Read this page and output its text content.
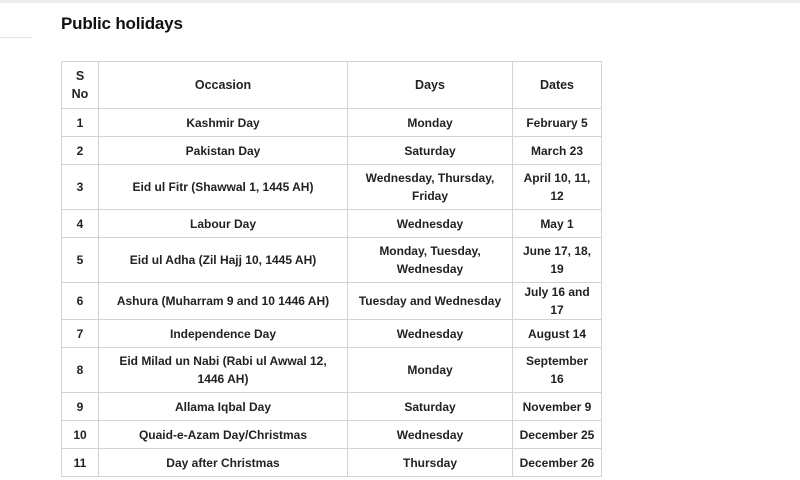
Public holidays
S No	Occasion	Days	Dates
1	Kashmir Day	Monday	February 5
2	Pakistan Day	Saturday	March 23
3	Eid ul Fitr (Shawwal 1, 1445 AH)	Wednesday, Thursday, Friday	April 10, 11, 12
4	Labour Day	Wednesday	May 1
5	Eid ul Adha (Zil Hajj 10, 1445 AH)	Monday, Tuesday, Wednesday	June 17, 18, 19
6	Ashura (Muharram 9 and 10 1446 AH)	Tuesday and Wednesday	July 16 and 17
7	Independence Day	Wednesday	August 14
8	Eid Milad un Nabi (Rabi ul Awwal 12, 1446 AH)	Monday	September 16
9	Allama Iqbal Day	Saturday	November 9
10	Quaid-e-Azam Day/Christmas	Wednesday	December 25
11	Day after Christmas	Thursday	December 26
